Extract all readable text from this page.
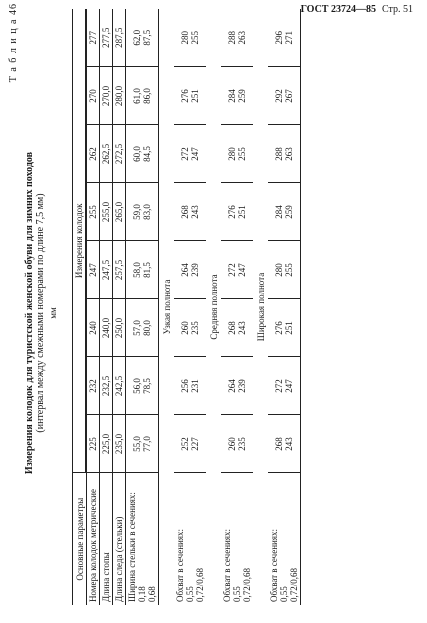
ГОСТ 23724—85 Стр. 51
Т а б л и ц а 46
Измерения колодок для туристской женской обуви для зимних походов (интервал между смежными номерами по длине 7,5 мм) мм
Основные параметры	Измерения колодок							

Номера колодок метрические	225	232	240	247	255	262	270	277
Длина стопы	225,0	232,5	240,0	247,5	255,0	262,5	270,0	277,5
Длина следа (стельки)	235,0	242,5	250,0	257,5	265,0	272,5	280,0	287,5

Ширина стельки в сечениях: 0,18 0,68	55,0 77,0	56,0 78,5	57,0 80,0	58,0 81,5	59,0 83,0	60,0 84,5	61,0 86,0	62,0 87,5

Узкая полнота								

Обхват в сечениях: 0,55 0,72/0,68	252 227	256 231	260 235	264 239	268 243	272 247	276 251	280 255

Средняя полнота								

Обхват в сечениях: 0,55 0,72/0,68	260 235	264 239	268 243	272 247	276 251	280 255	284 259	288 263

Широкая полнота								

Обхват в сечениях: 0,55 0,72/0,68	268 243	272 247	276 251	280 255	284 259	288 263	292 267	296 271
